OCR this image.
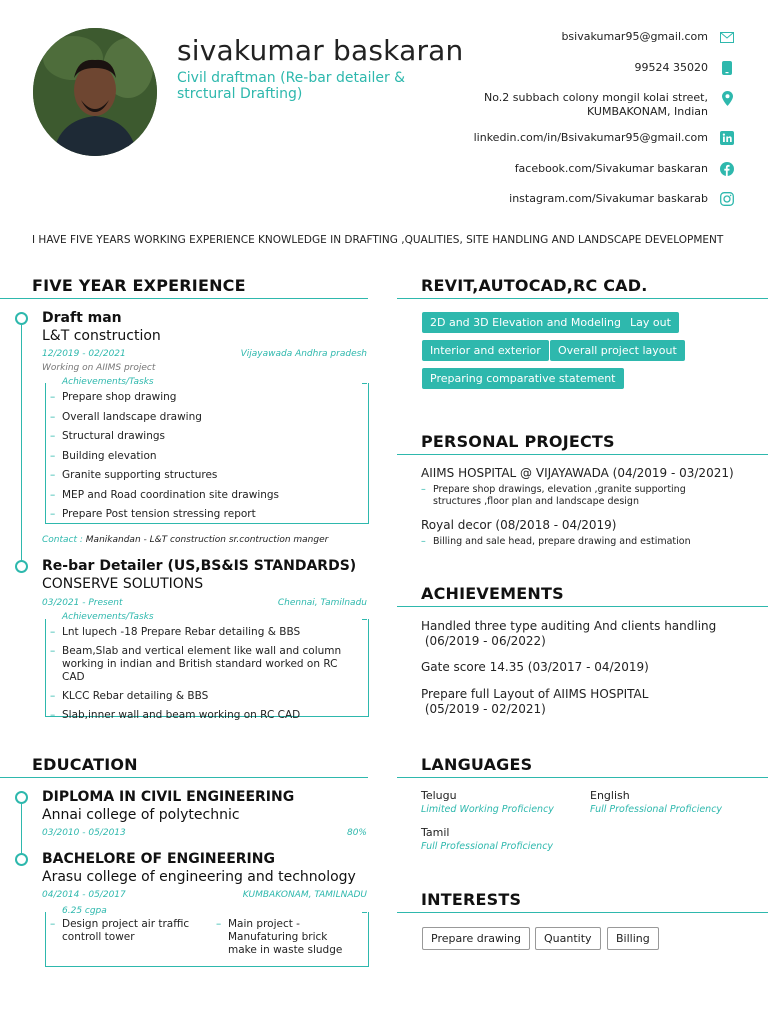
sivakumar baskaran
Civil draftman (Re-bar detailer & strctural Drafting)
bsivakumar95@gmail.com
99524 35020
No.2 subbach colony mongil kolai street,
KUMBAKONAM, Indian
linkedin.com/in/Bsivakumar95@gmail.com
facebook.com/Sivakumar baskaran
instagram.com/Sivakumar baskarab
I HAVE FIVE YEARS WORKING EXPERIENCE KNOWLEDGE IN DRAFTING ,QUALITIES, SITE HANDLING AND LANDSCAPE DEVELOPMENT
FIVE YEAR EXPERIENCE
Draft man
L&T construction
12/2019 - 02/2021	Vijayawada Andhra pradesh
Working on AIIMS project
Achievements/Tasks
– Prepare shop drawing
– Overall landscape drawing
– Structural drawings
– Building elevation
– Granite supporting structures
– MEP and Road coordination site drawings
– Prepare Post tension stressing report
Contact : Manikandan - L&T construction sr.contruction manger
Re-bar Detailer (US,BS&IS STANDARDS)
CONSERVE SOLUTIONS
03/2021 - Present	Chennai, Tamilnadu
Achievements/Tasks
– Lnt lupech -18 Prepare Rebar detailing & BBS
– Beam,Slab and vertical element like wall and column working in indian and British standard worked on RC CAD
– KLCC Rebar detailing & BBS
– Slab,inner wall and beam working on RC CAD
EDUCATION
DIPLOMA IN CIVIL ENGINEERING
Annai college of polytechnic
03/2010 - 05/2013	80%
BACHELORE OF ENGINEERING
Arasu college of engineering and technology
04/2014 - 05/2017	KUMBAKONAM, TAMILNADU
6.25 cgpa
– Design project air traffic controll tower
– Main project - Manufaturing brick make in waste sludge
REVIT,AUTOCAD,RC CAD.
2D and 3D Elevation and Modeling Lay out
Interior and exterior	Overall project layout
Preparing comparative statement
PERSONAL PROJECTS
AIIMS HOSPITAL @ VIJAYAWADA (04/2019 - 03/2021)
– Prepare shop drawings, elevation ,granite supporting structures ,floor plan and landscape design
Royal decor (08/2018 - 04/2019)
– Billing and sale head, prepare drawing and estimation
ACHIEVEMENTS
Handled three type auditing And clients handling
(06/2019 - 06/2022)
Gate score 14.35 (03/2017 - 04/2019)
Prepare full Layout of AIIMS HOSPITAL
(05/2019 - 02/2021)
LANGUAGES
Telugu
Limited Working Proficiency
English
Full Professional Proficiency
Tamil
Full Professional Proficiency
INTERESTS
Prepare drawing	Quantity	Billing
